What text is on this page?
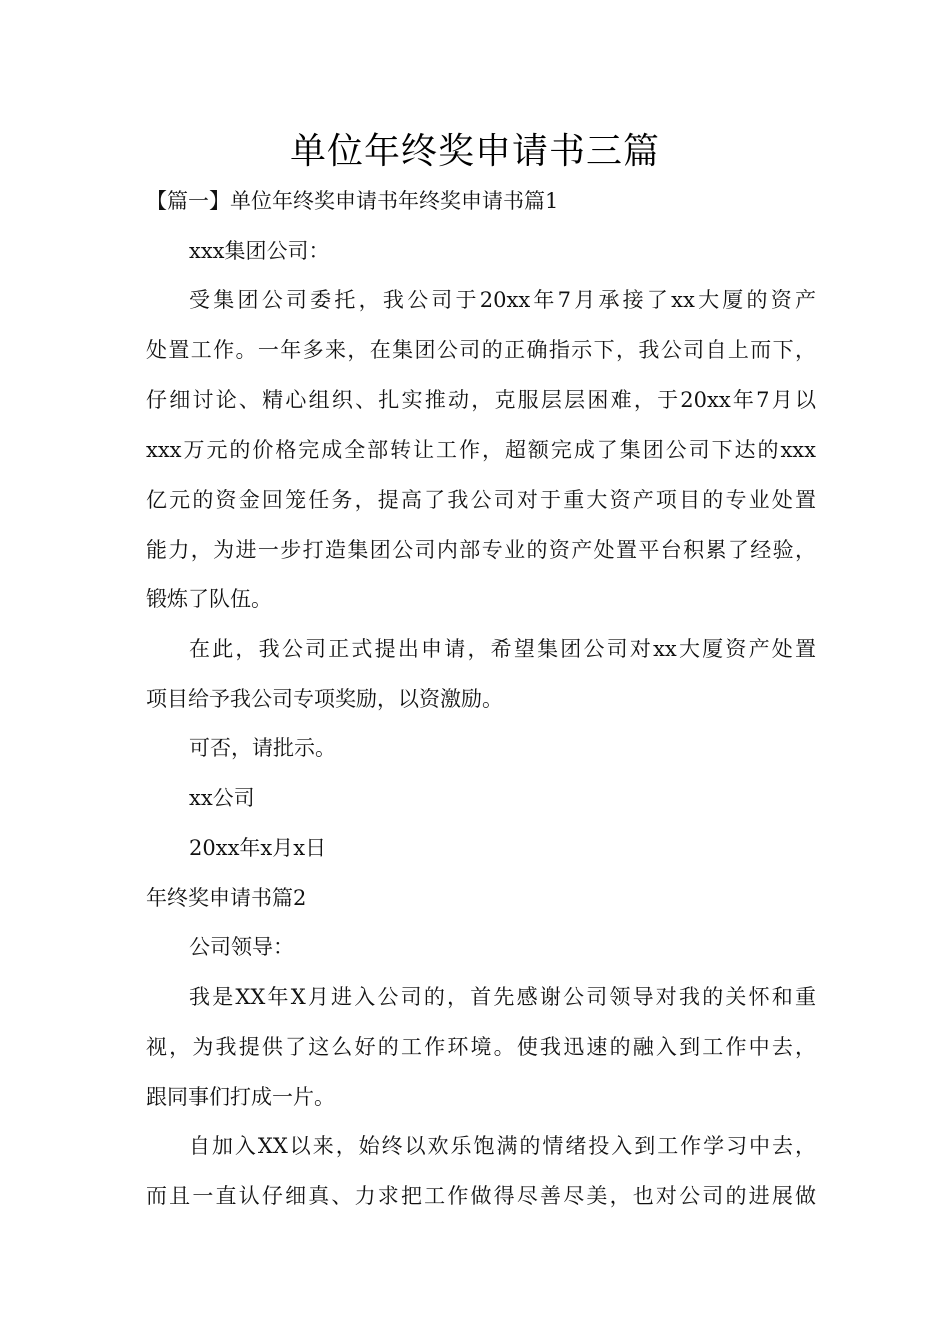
单位年终奖申请书三篇

【篇一】单位年终奖申请书年终奖申请书篇1

xxx集团公司：

受集团公司委托，我公司于20xx年7月承接了xx大厦的资产

处置工作。一年多来，在集团公司的正确指示下，我公司自上而下，

仔细讨论、精心组织、扎实推动，克服层层困难，于20xx年7月以

xxx万元的价格完成全部转让工作，超额完成了集团公司下达的xxx

亿元的资金回笼任务，提高了我公司对于重大资产项目的专业处置

能力，为进一步打造集团公司内部专业的资产处置平台积累了经验，

锻炼了队伍。

在此，我公司正式提出申请，希望集团公司对xx大厦资产处置

项目给予我公司专项奖励，以资激励。

可否，请批示。

xx公司

20xx年x月x日

年终奖申请书篇2

公司领导：

我是XX年X月进入公司的，首先感谢公司领导对我的关怀和重

视，为我提供了这么好的工作环境。使我迅速的融入到工作中去，

跟同事们打成一片。

自加入XX以来，始终以欢乐饱满的情绪投入到工作学习中去，

而且一直认仔细真、力求把工作做得尽善尽美，也对公司的进展做
